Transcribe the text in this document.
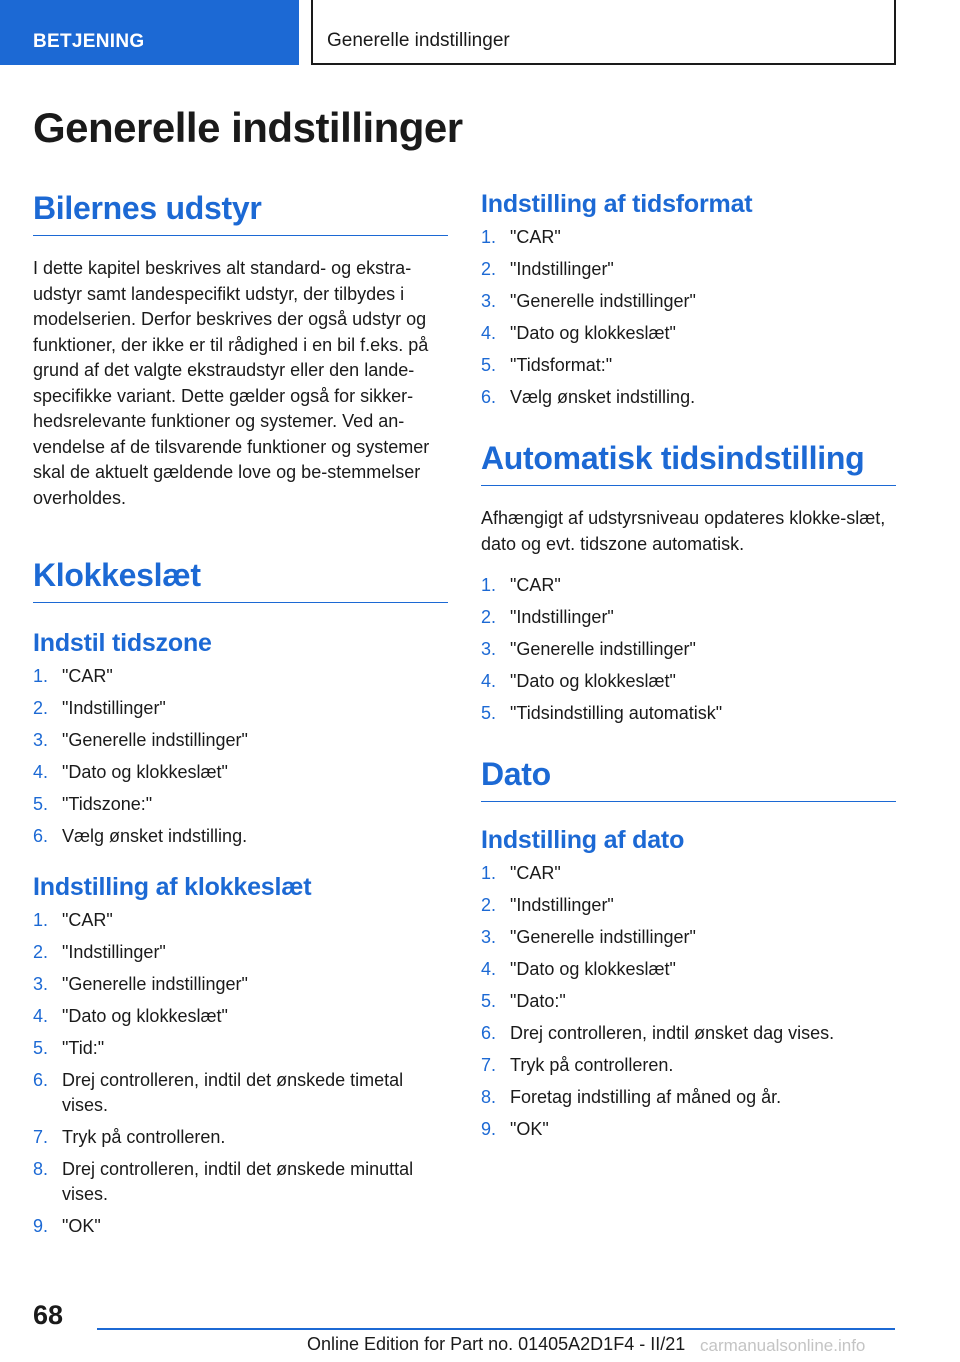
BETJENING	Generelle indstillinger
Generelle indstillinger
Bilernes udstyr

I dette kapitel beskrives alt standard- og ekstra-udstyr samt landespecifikt udstyr, der tilbydes i modelserien. Derfor beskrives der også udstyr og funktioner, der ikke er til rådighed i en bil f.eks. på grund af det valgte ekstraudstyr eller den lande-specifikke variant. Dette gælder også for sikker-hedsrelevante funktioner og systemer. Ved an-vendelse af de tilsvarende funktioner og systemer skal de aktuelt gældende love og be-stemmelser overholdes.

Klokkeslæt
Indstil tidszone
1. "CAR"
2. "Indstillinger"
3. "Generelle indstillinger"
4. "Dato og klokkeslæt"
5. "Tidszone:"
6. Vælg ønsket indstilling.
Indstilling af klokkeslæt
1. "CAR"
2. "Indstillinger"
3. "Generelle indstillinger"
4. "Dato og klokkeslæt"
5. "Tid:"
6. Drej controlleren, indtil det ønskede timetal vises.
7. Tryk på controlleren.
8. Drej controlleren, indtil det ønskede minuttal vises.
9. "OK"
Indstilling af tidsformat
1. "CAR"
2. "Indstillinger"
3. "Generelle indstillinger"
4. "Dato og klokkeslæt"
5. "Tidsformat:"
6. Vælg ønsket indstilling.
Automatisk tidsindstilling

Afhængigt af udstyrsniveau opdateres klokke-slæt, dato og evt. tidszone automatisk.

1. "CAR"
2. "Indstillinger"
3. "Generelle indstillinger"
4. "Dato og klokkeslæt"
5. "Tidsindstilling automatisk"
Dato
Indstilling af dato
1. "CAR"
2. "Indstillinger"
3. "Generelle indstillinger"
4. "Dato og klokkeslæt"
5. "Dato:"
6. Drej controlleren, indtil ønsket dag vises.
7. Tryk på controlleren.
8. Foretag indstilling af måned og år.
9. "OK"
68
Online Edition for Part no. 01405A2D1F4 - II/21 carmanualsonline.info
